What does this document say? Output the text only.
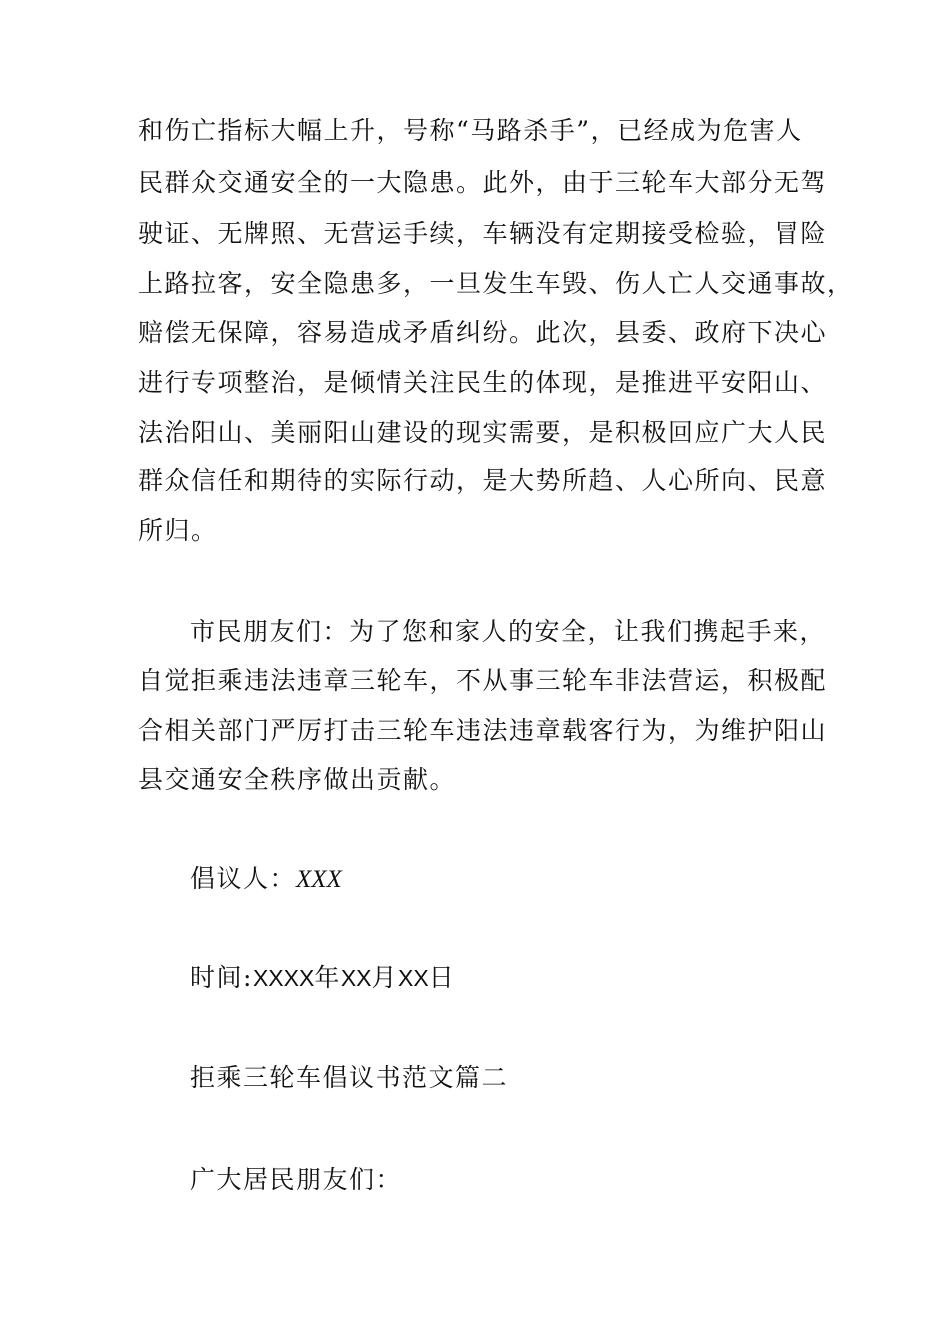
和伤亡指标大幅上升，号称“马路杀手”，已经成为危害人
民群众交通安全的一大隐患。此外，由于三轮车大部分无驾
驶证、无牌照、无营运手续，车辆没有定期接受检验，冒险
上路拉客，安全隐患多，一旦发生车毁、伤人亡人交通事故，
赔偿无保障，容易造成矛盾纠纷。此次，县委、政府下决心
进行专项整治，是倾情关注民生的体现，是推进平安阳山、
法治阳山、美丽阳山建设的现实需要，是积极回应广大人民
群众信任和期待的实际行动，是大势所趋、人心所向、民意
所归。
市民朋友们：为了您和家人的安全，让我们携起手来，
自觉拒乘违法违章三轮车，不从事三轮车非法营运，积极配
合相关部门严厉打击三轮车违法违章载客行为，为维护阳山
县交通安全秩序做出贡献。
倡议人：XXX
时间:XXXX年XX月XX日
拒乘三轮车倡议书范文篇二
广大居民朋友们：
